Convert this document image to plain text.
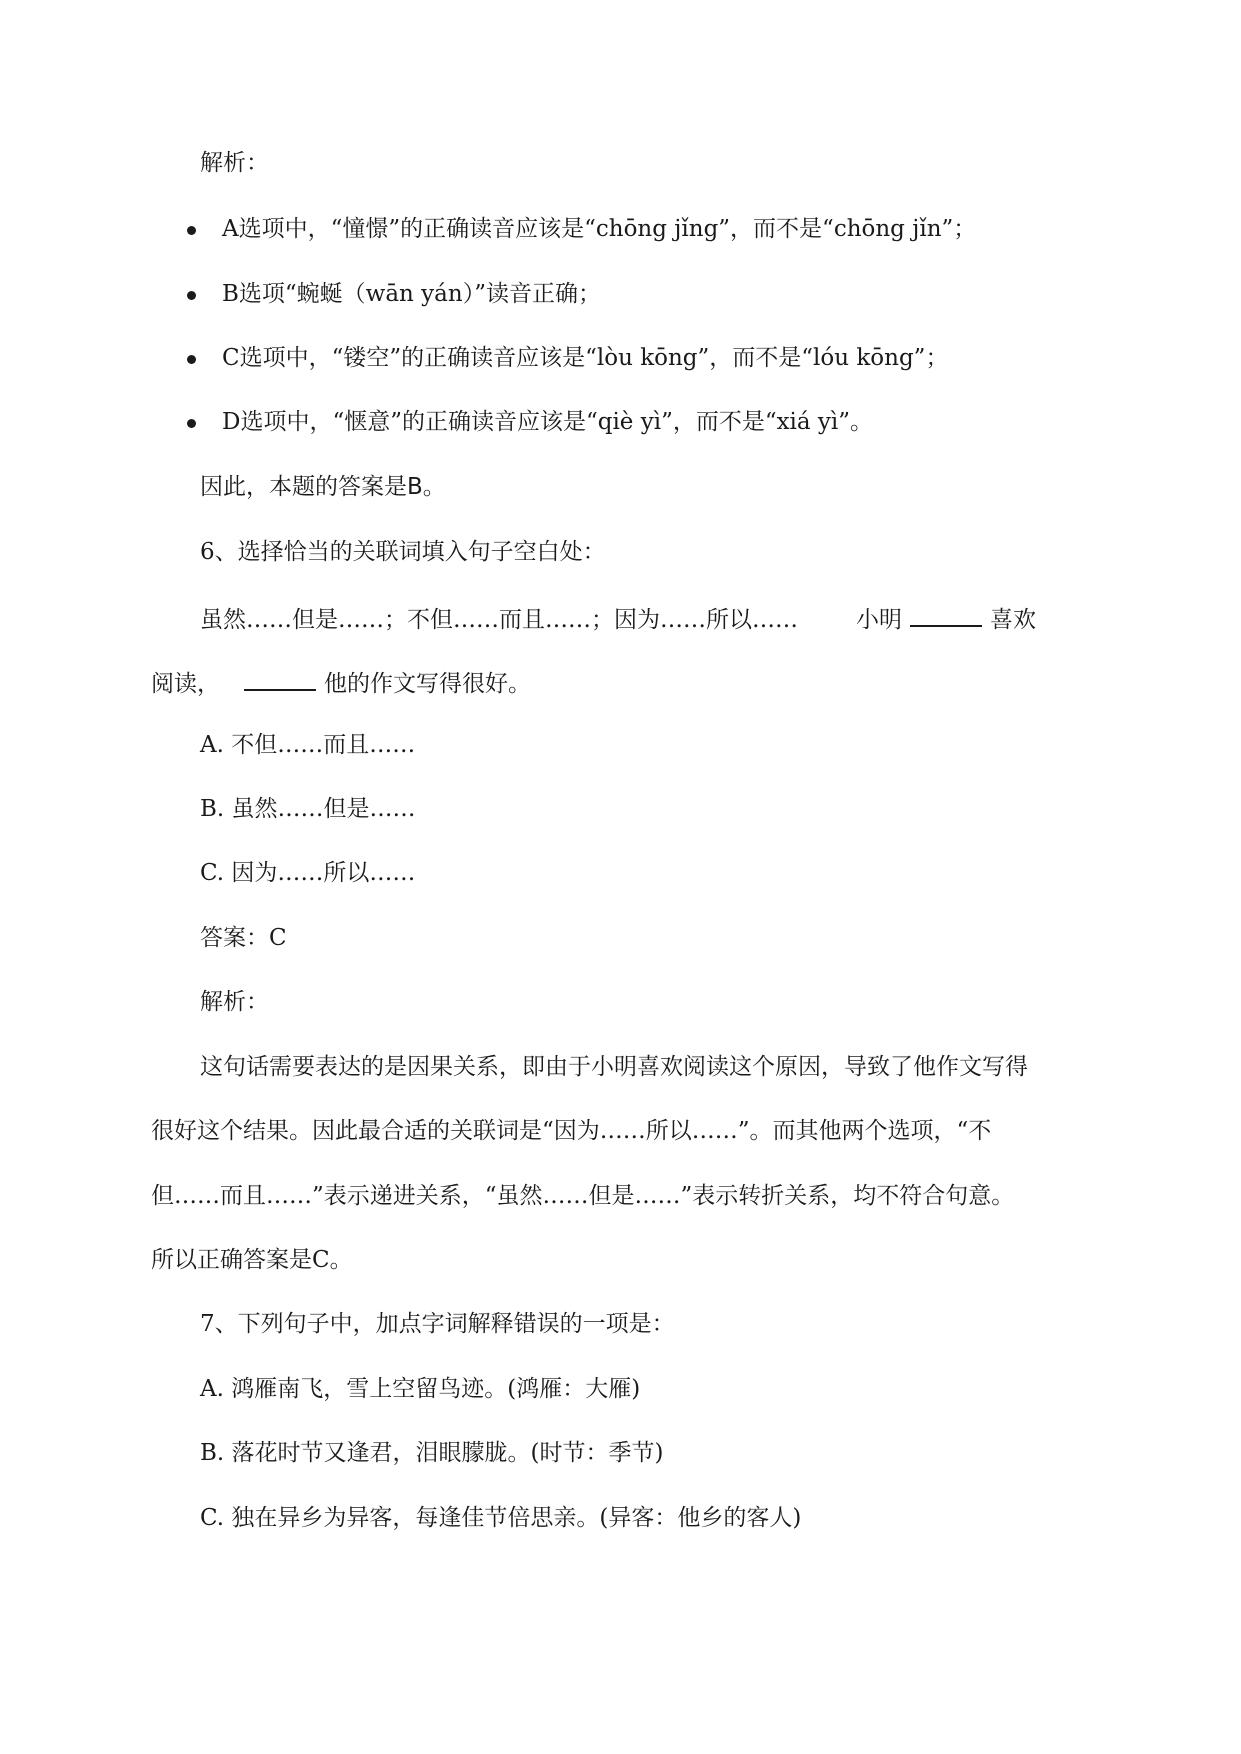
解析：
A选项中，“憧憬”的正确读音应该是“chōng jǐng”，而不是“chōng jǐn”；
B选项“蜿蜒（wān yán）”读音正确；
C选项中，“镂空”的正确读音应该是“lòu kōng”，而不是“lóu kōng”；
D选项中，“惬意”的正确读音应该是“qiè yì”，而不是“xiá yì”。
因此，本题的答案是B。
6、选择恰当的关联词填入句子空白处：
虽然……但是……；不但……而且……；因为……所以……	小明	喜欢
阅读，	他的作文写得很好。
A. 不但……而且……
B. 虽然……但是……
C. 因为……所以……
答案：C
解析：
这句话需要表达的是因果关系，即由于小明喜欢阅读这个原因，导致了他作文写得
很好这个结果。因此最合适的关联词是“因为……所以……”。而其他两个选项，“不
但……而且……”表示递进关系，“虽然……但是……”表示转折关系，均不符合句意。
所以正确答案是C。
7、下列句子中，加点字词解释错误的一项是：
A. 鸿雁南飞，雪上空留鸟迹。(鸿雁：大雁)
B. 落花时节又逢君，泪眼朦胧。(时节：季节)
C. 独在异乡为异客，每逢佳节倍思亲。(异客：他乡的客人)
